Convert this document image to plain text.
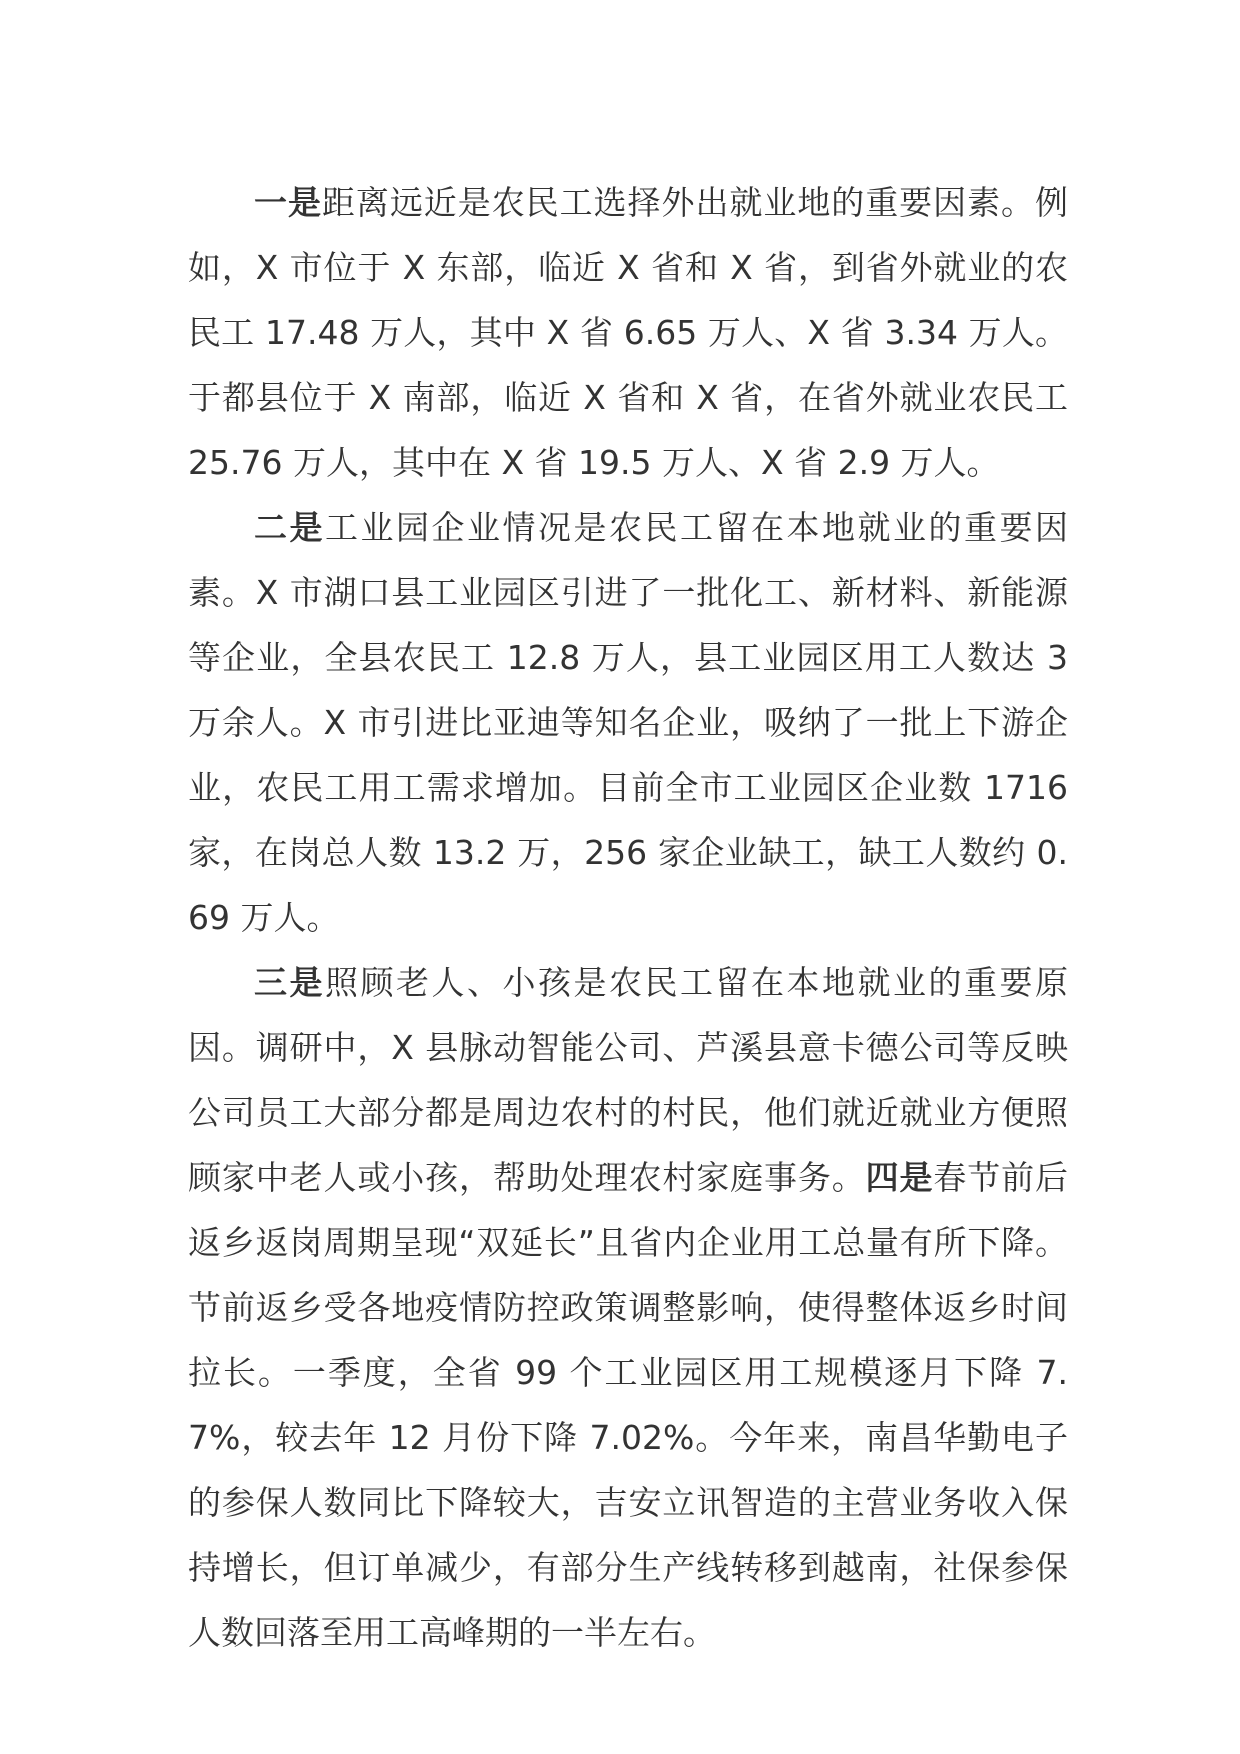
一是距离远近是农民工选择外出就业地的重要因素。例如，X 市位于 X 东部，临近 X 省和 X 省，到省外就业的农民工 17.48 万人，其中 X 省 6.65 万人、X 省 3.34 万人。于都县位于 X 南部，临近 X 省和 X 省，在省外就业农民工 25.76 万人，其中在 X 省 19.5 万人、X 省 2.9 万人。

二是工业园企业情况是农民工留在本地就业的重要因素。X 市湖口县工业园区引进了一批化工、新材料、新能源等企业，全县农民工 12.8 万人，县工业园区用工人数达 3 万余人。X 市引进比亚迪等知名企业，吸纳了一批上下游企业，农民工用工需求增加。目前全市工业园区企业数 1716 家，在岗总人数 13.2 万，256 家企业缺工，缺工人数约 0.69 万人。

三是照顾老人、小孩是农民工留在本地就业的重要原因。调研中，X 县脉动智能公司、芦溪县意卡德公司等反映公司员工大部分都是周边农村的村民，他们就近就业方便照顾家中老人或小孩，帮助处理农村家庭事务。四是春节前后返乡返岗周期呈现“双延长”且省内企业用工总量有所下降。节前返乡受各地疫情防控政策调整影响，使得整体返乡时间拉长。一季度，全省 99 个工业园区用工规模逐月下降 7.7%，较去年 12 月份下降 7.02%。今年来，南昌华勤电子的参保人数同比下降较大，吉安立讯智造的主营业务收入保持增长，但订单减少，有部分生产线转移到越南，社保参保人数回落至用工高峰期的一半左右。
